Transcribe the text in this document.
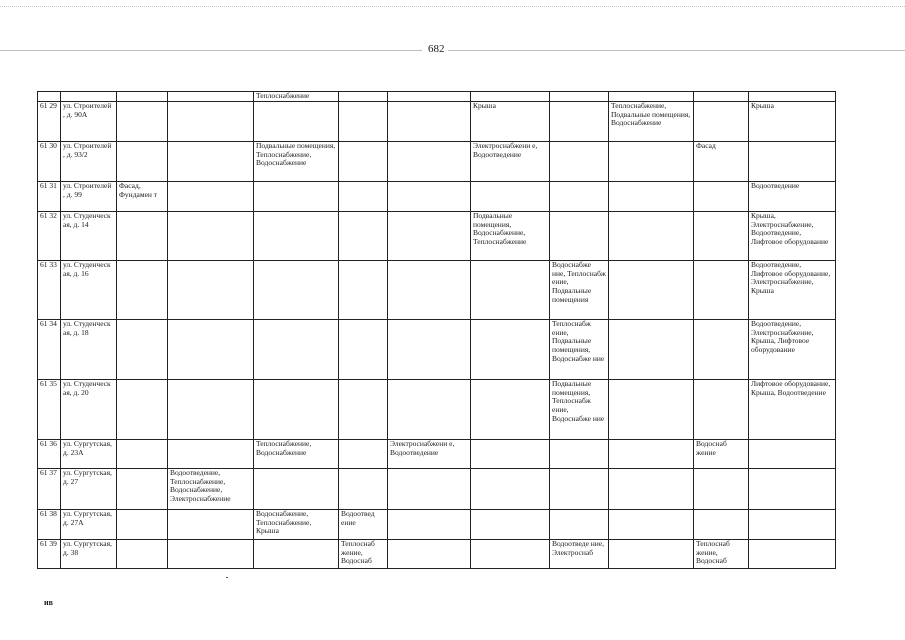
682
				Теплоснабжение							
61 29	ул. Строителей , д. 90А						Крыша		Теплоснабжение, Подвальные помещения, Водоснабжение		Крыша
61 30	ул. Строителей , д. 93/2			Подвальные помещения, Теплоснабжение, Водоснабжение			Электроснабжени е, Водоотведение			Фасад	
61 31	ул. Строителей , д. 99	Фасад, Фундамен т									Водоотведение
61 32	ул. Студенческ ая, д. 14						Подвальные помещения, Водоснабжение, Теплоснабжение				Крыша, Электроснабжение, Водоотведение, Лифтовое оборудование
61 33	ул. Студенческ ая, д. 16							Водоснабже ние, Теплоснабж ение, Подвальные помещения			Водоотведение, Лифтовое оборудование, Электроснабжение, Крыша
61 34	ул. Студенческ ая, д. 18							Теплоснабж ение, Подвальные помещения, Водоснабже ние			Водоотведение, Электроснабжение, Крыша, Лифтовое оборудование
61 35	ул. Студенческ ая, д. 20							Подвальные помещения, Теплоснабж ение, Водоснабже ние			Лифтовое оборудование, Крыша, Водоотведение
61 36	ул. Сургутская, д. 23А			Теплоснабжение, Водоснабжение		Электроснабжени е, Водоотведение				Водоснаб жение	
61 37	ул. Сургутская, д. 27		Водоотведение, Теплоснабжение, Водоснабжение, Электроснабжение								
61 38	ул. Сургутская, д. 27А			Водоснабжение, Теплоснабжение, Крыша	Водоотвед ение						
61 39	ул. Сургутская, д. 38				Теплоснаб жение, Водоснаб			Водоотведе ние, Электроснаб		Теплоснаб жение, Водоснаб	
ив
